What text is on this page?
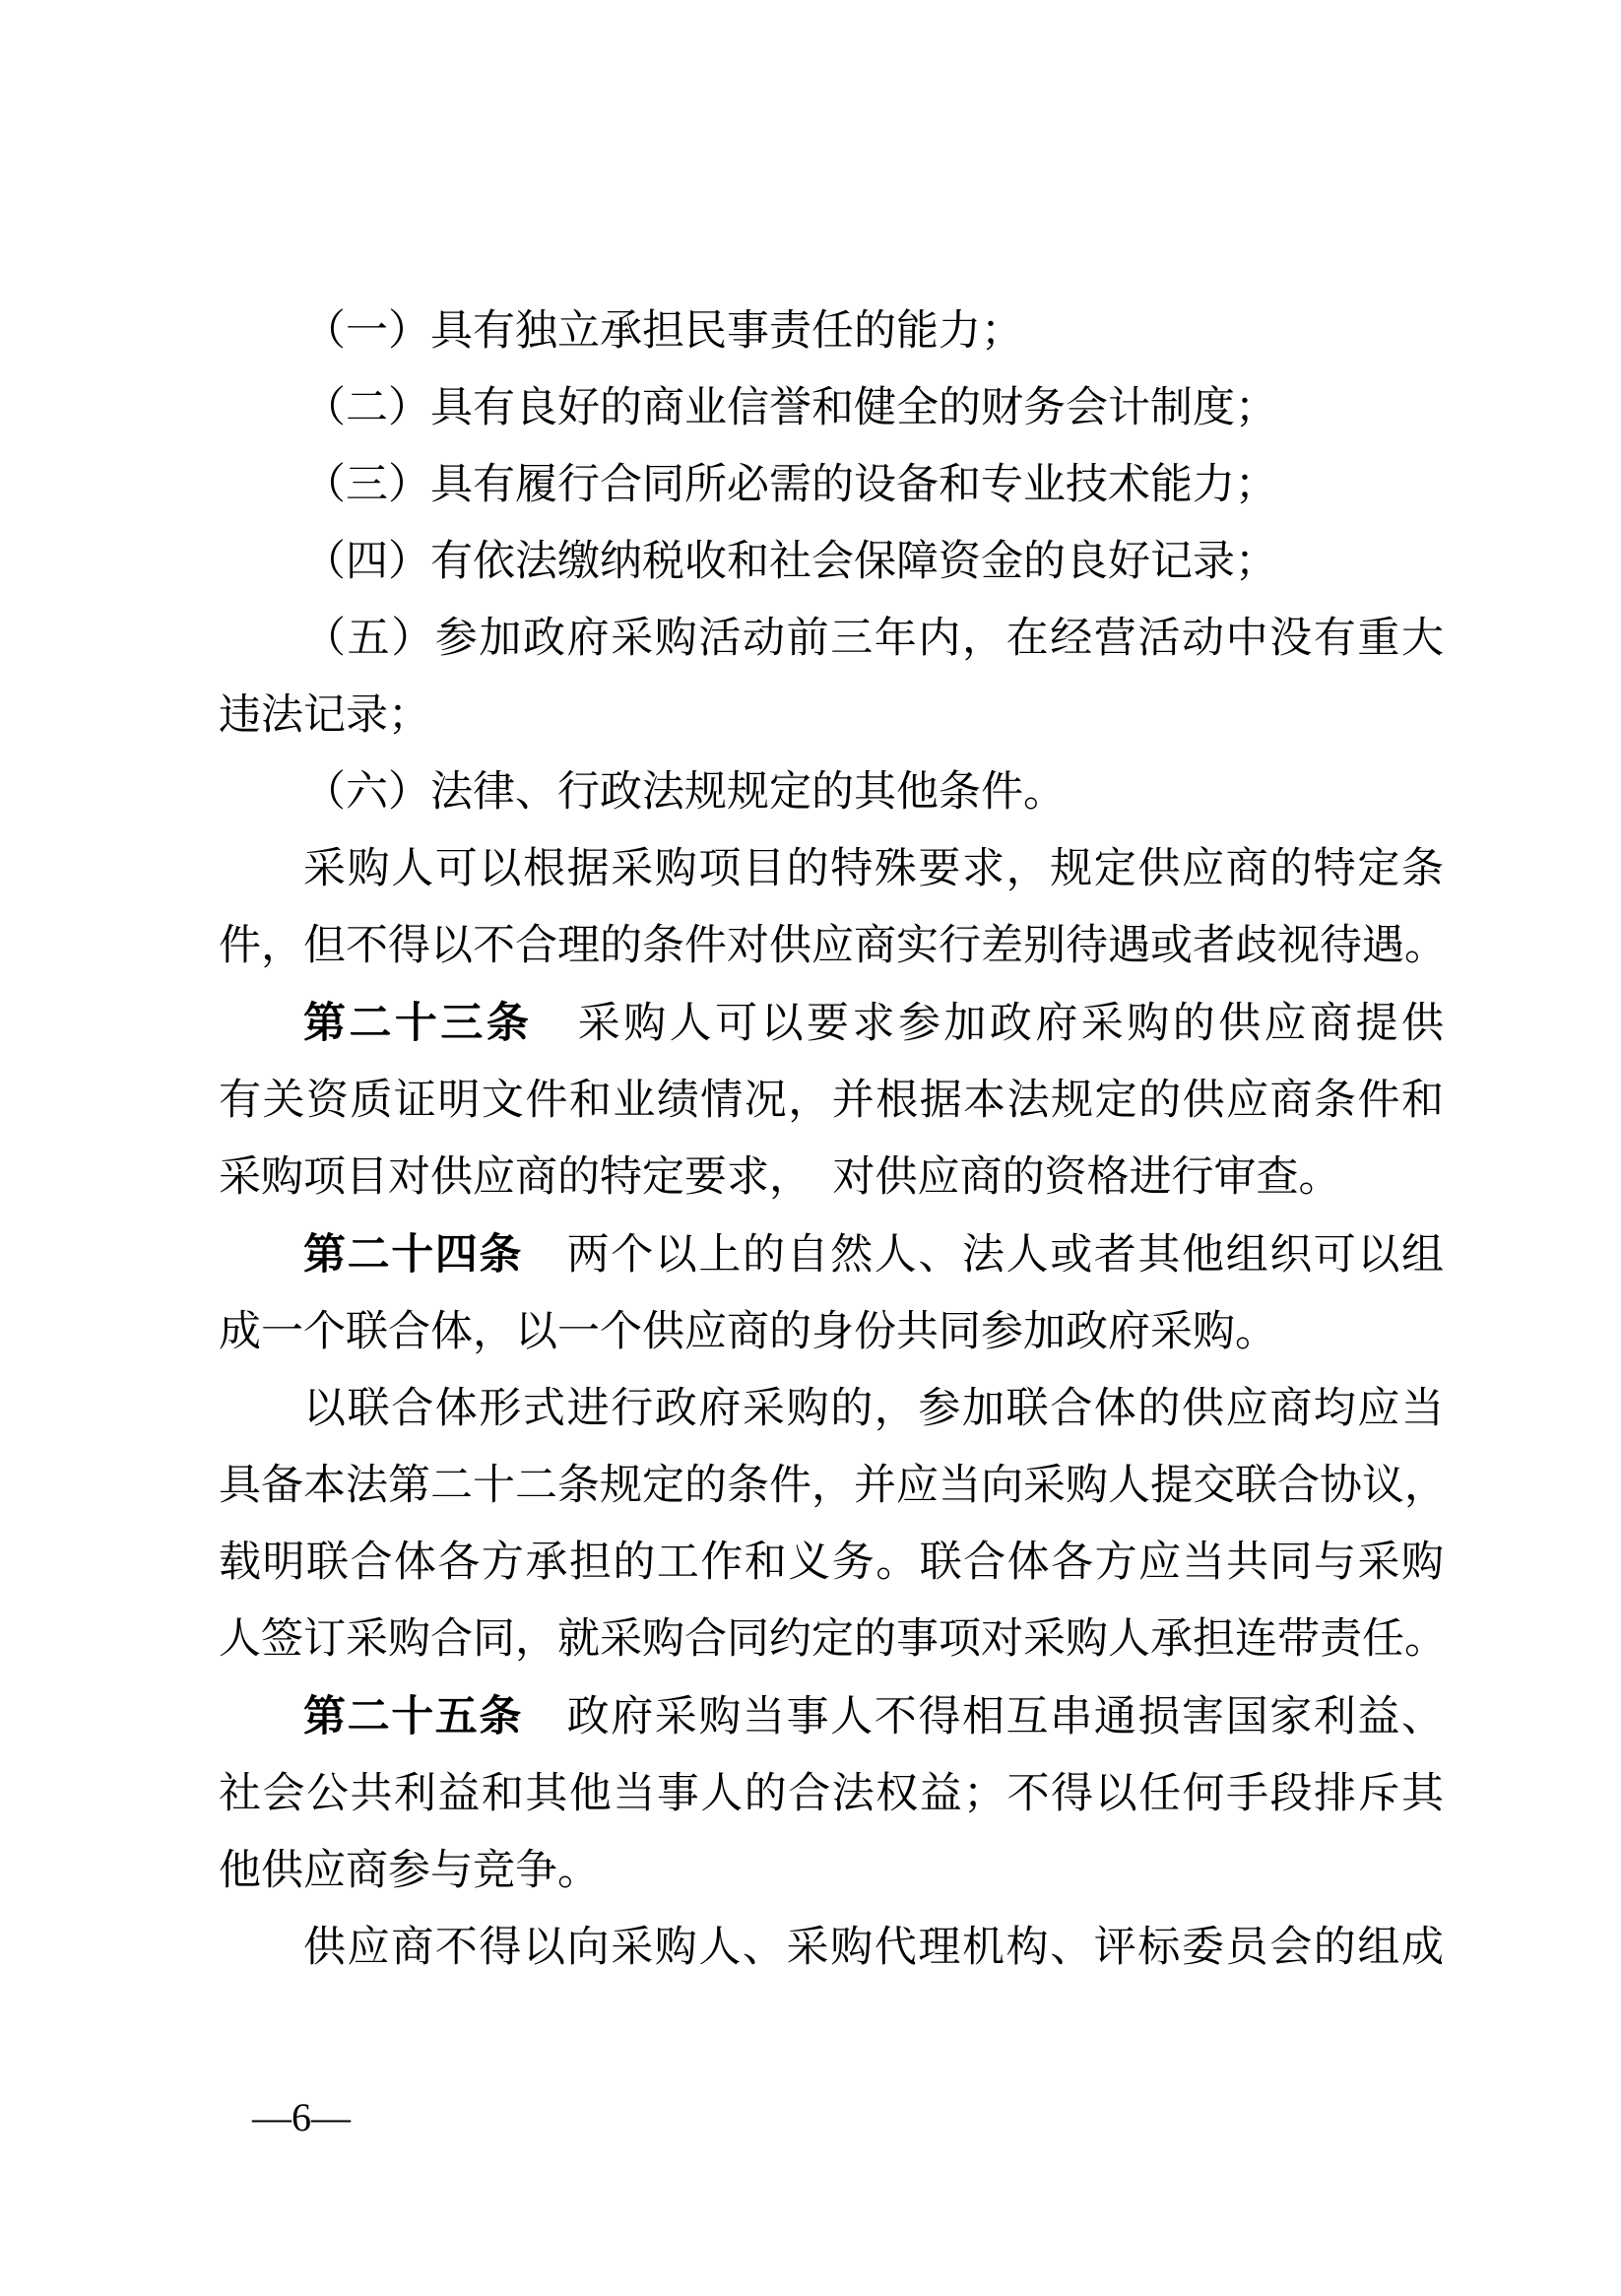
（一）具有独立承担民事责任的能力；
（二）具有良好的商业信誉和健全的财务会计制度；
（三）具有履行合同所必需的设备和专业技术能力；
（四）有依法缴纳税收和社会保障资金的良好记录；
（五）参加政府采购活动前三年内，在经营活动中没有重大
违法记录；
（六）法律、行政法规规定的其他条件。
采购人可以根据采购项目的特殊要求，规定供应商的特定条
件，但不得以不合理的条件对供应商实行差别待遇或者歧视待遇。
第二十三条 采购人可以要求参加政府采购的供应商提供
有关资质证明文件和业绩情况，并根据本法规定的供应商条件和
采购项目对供应商的特定要求，　对供应商的资格进行审查。
第二十四条 两个以上的自然人、法人或者其他组织可以组
成一个联合体，以一个供应商的身份共同参加政府采购。
以联合体形式进行政府采购的，参加联合体的供应商均应当
具备本法第二十二条规定的条件，并应当向采购人提交联合协议，
载明联合体各方承担的工作和义务。联合体各方应当共同与采购
人签订采购合同，就采购合同约定的事项对采购人承担连带责任。
第二十五条 政府采购当事人不得相互串通损害国家利益、
社会公共利益和其他当事人的合法权益；不得以任何手段排斥其
他供应商参与竞争。
供应商不得以向采购人、采购代理机构、评标委员会的组成
—6—
